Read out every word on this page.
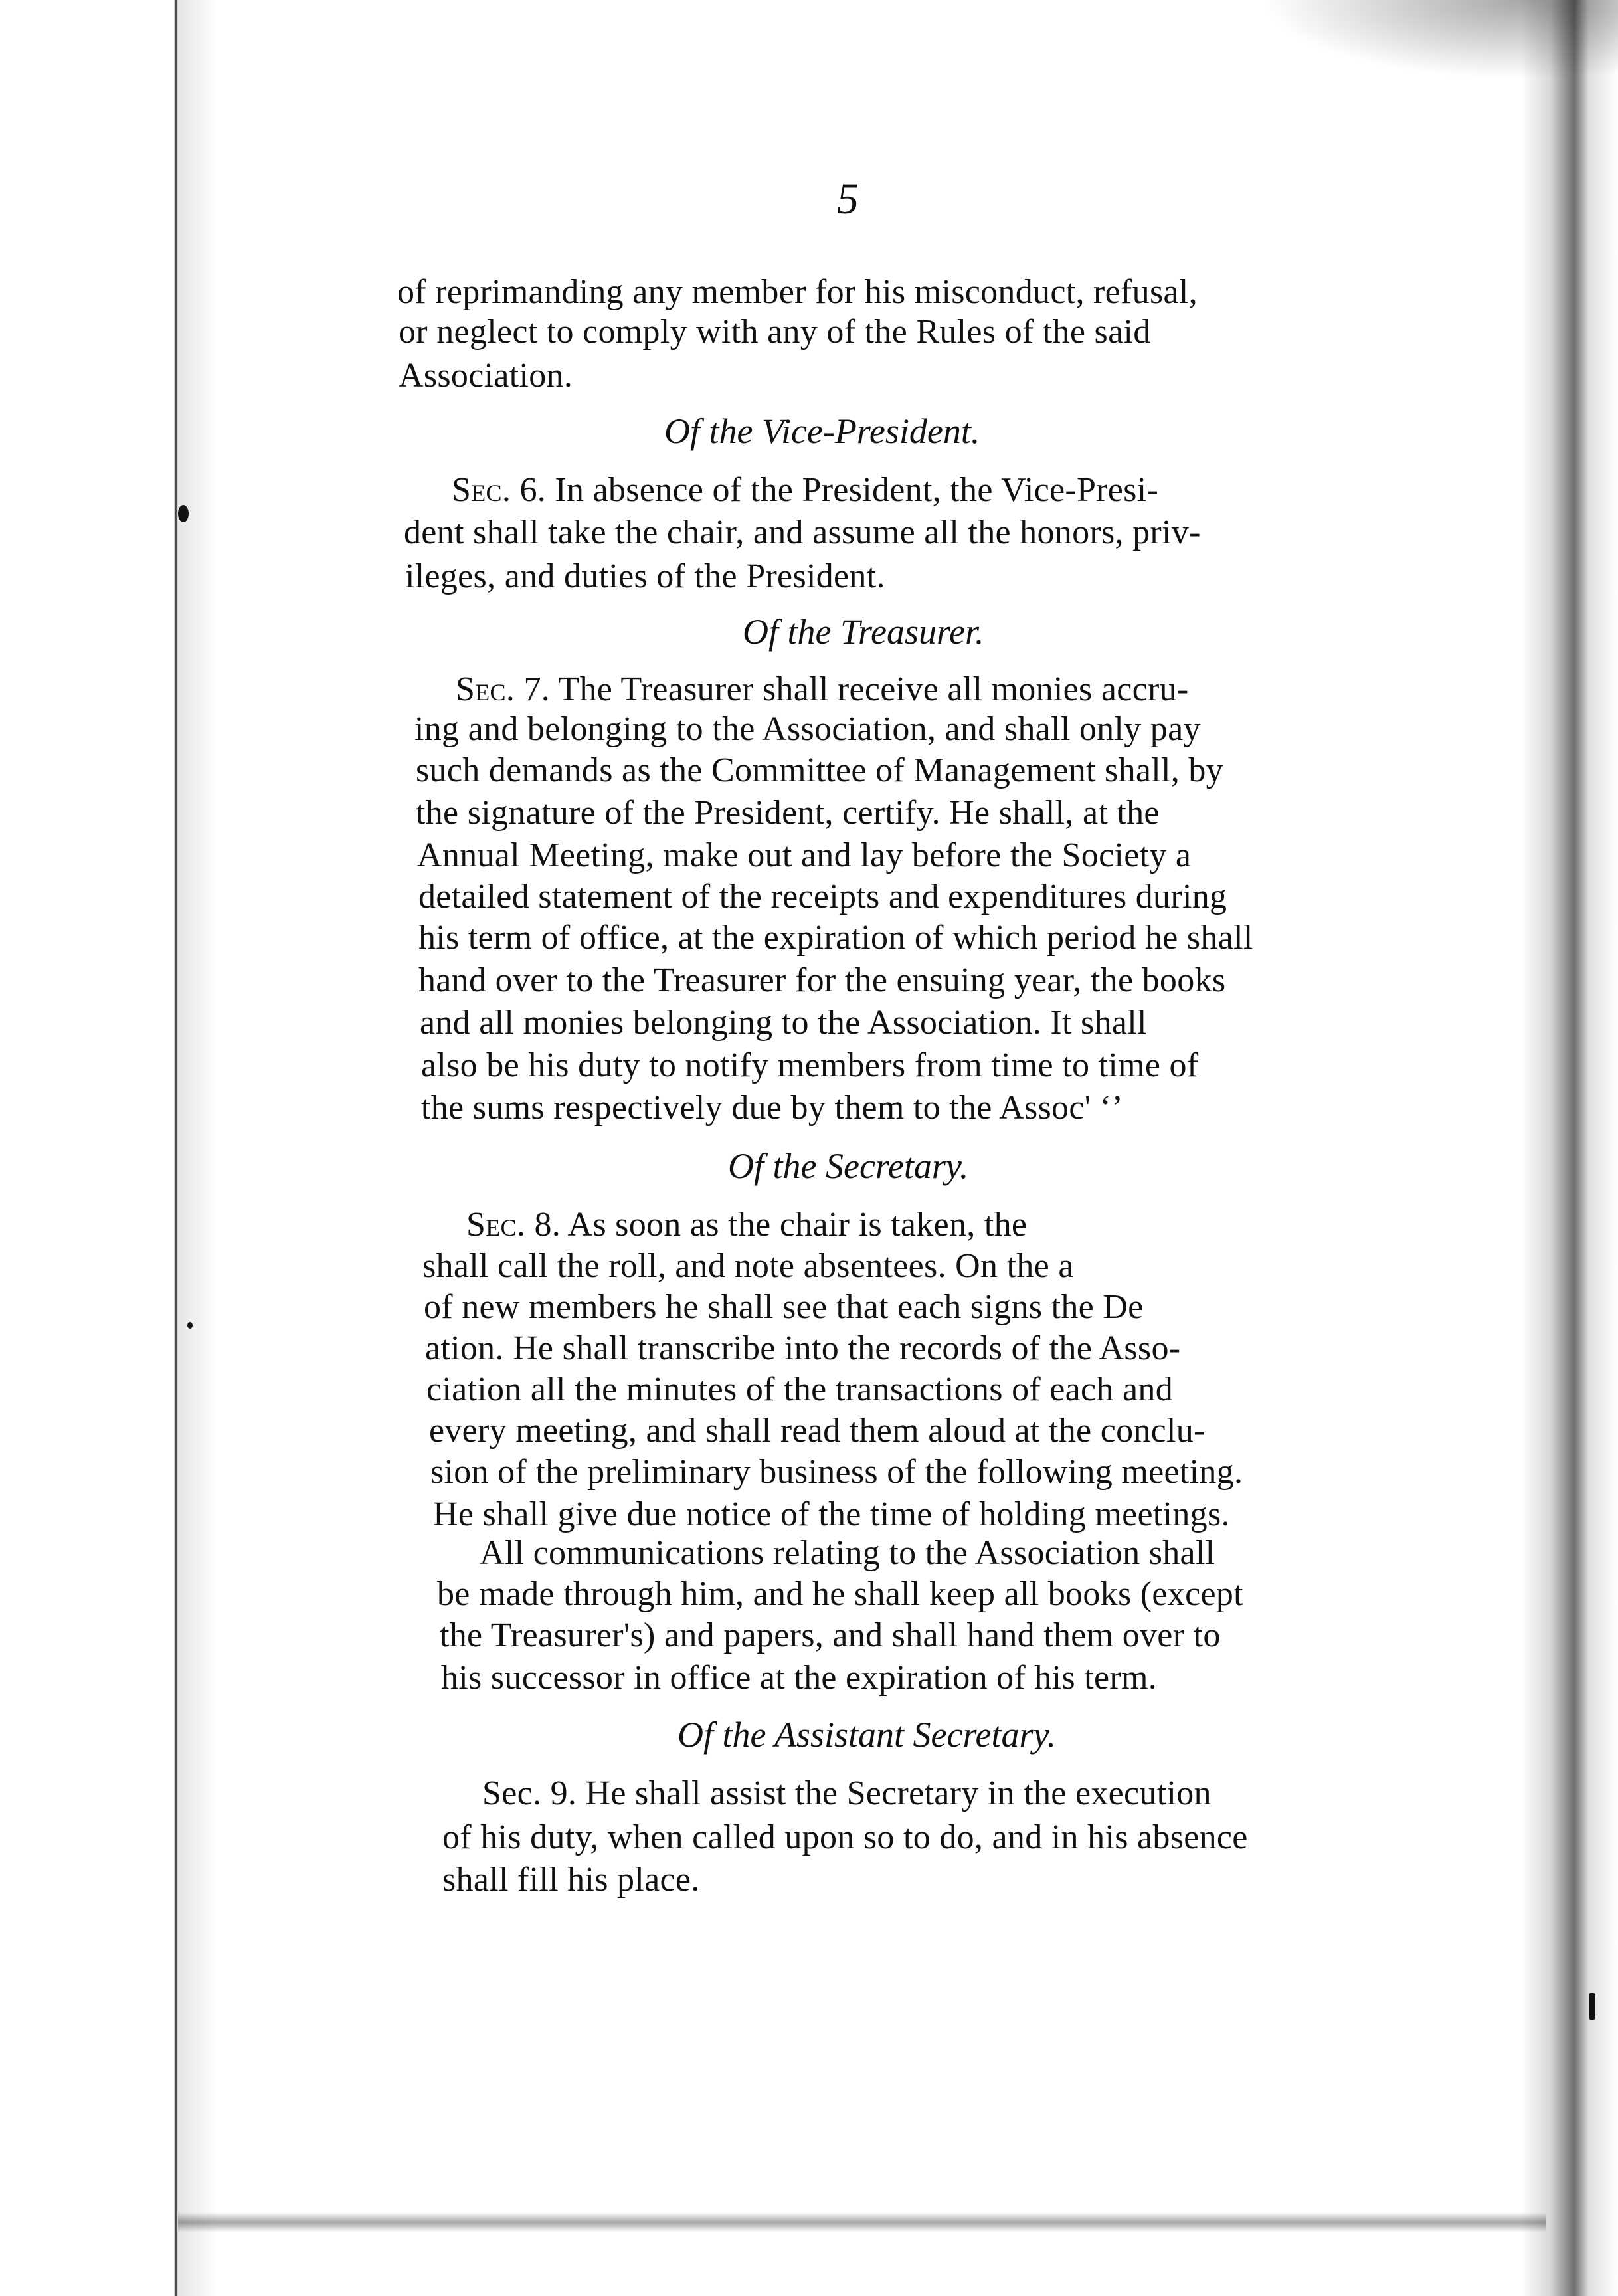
5
of reprimanding any member for his misconduct, refusal,
or neglect to comply with any of the Rules of the said
Association.
Of the Vice-President.
Sec. 6. In absence of the President, the Vice-Presi-
dent shall take the chair, and assume all the honors, priv-
ileges, and duties of the President.
Of the Treasurer.
Sec. 7. The Treasurer shall receive all monies accru-
ing and belonging to the Association, and shall only pay
such demands as the Committee of Management shall, by
the signature of the President, certify. He shall, at the
Annual Meeting, make out and lay before the Society a
detailed statement of the receipts and expenditures during
his term of office, at the expiration of which period he shall
hand over to the Treasurer for the ensuing year, the books
and all monies belonging to the Association. It shall
also be his duty to notify members from time to time of
the sums respectively due by them to the Assoc' ‘’
Of the Secretary.
Sec. 8. As soon as the chair is taken, the
shall call the roll, and note absentees. On the a
of new members he shall see that each signs the De
ation. He shall transcribe into the records of the Asso-
ciation all the minutes of the transactions of each and
every meeting, and shall read them aloud at the conclu-
sion of the preliminary business of the following meeting.
He shall give due notice of the time of holding meetings.
All communications relating to the Association shall
be made through him, and he shall keep all books (except
the Treasurer's) and papers, and shall hand them over to
his successor in office at the expiration of his term.
Of the Assistant Secretary.
Sec. 9. He shall assist the Secretary in the execution
of his duty, when called upon so to do, and in his absence
shall fill his place.
